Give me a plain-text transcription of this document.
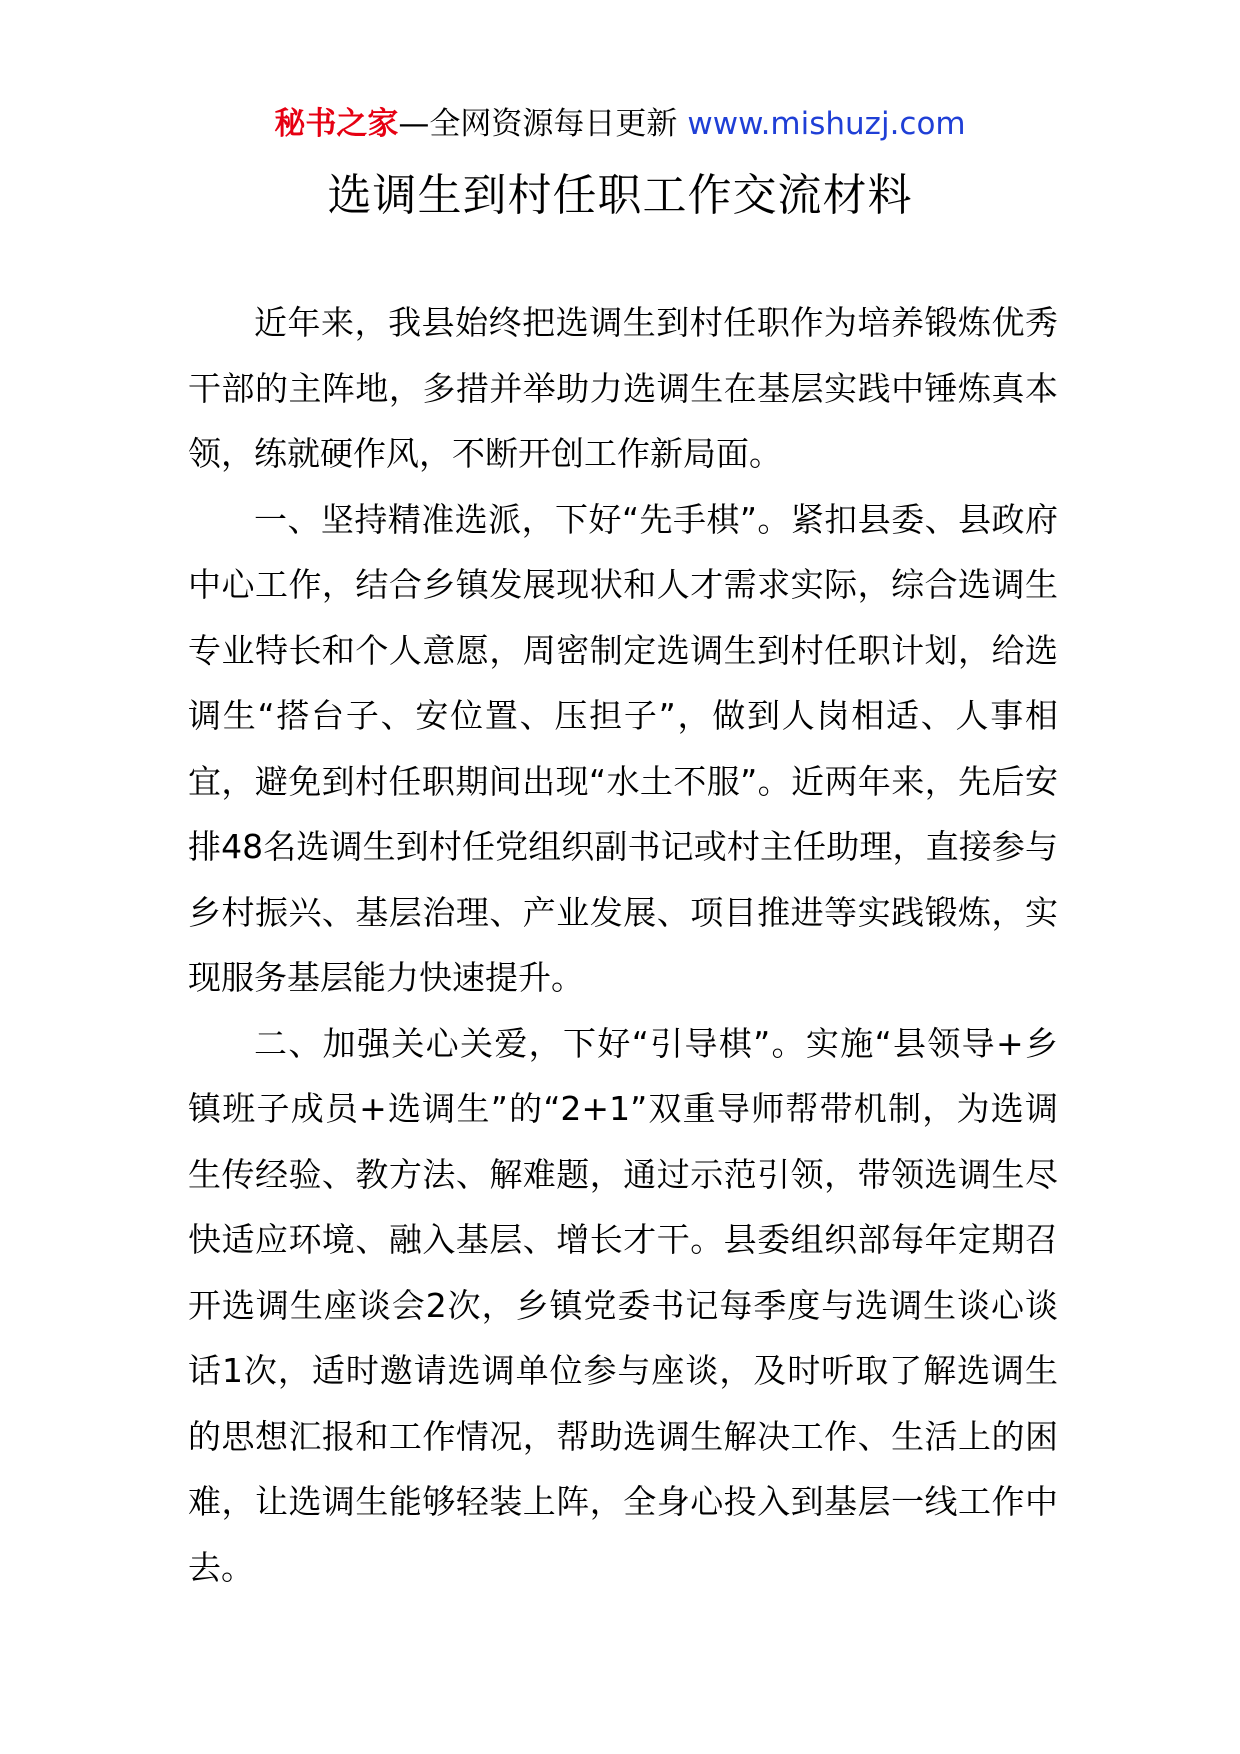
秘书之家—全网资源每日更新 www.mishuzj.com
选调生到村任职工作交流材料

近年来，我县始终把选调生到村任职作为培养锻炼优秀干部的主阵地，多措并举助力选调生在基层实践中锤炼真本领，练就硬作风，不断开创工作新局面。

一、坚持精准选派，下好“先手棋”。紧扣县委、县政府中心工作，结合乡镇发展现状和人才需求实际，综合选调生专业特长和个人意愿，周密制定选调生到村任职计划，给选调生“搭台子、安位置、压担子”，做到人岗相适、人事相宜，避免到村任职期间出现“水土不服”。近两年来，先后安排48名选调生到村任党组织副书记或村主任助理，直接参与乡村振兴、基层治理、产业发展、项目推进等实践锻炼，实现服务基层能力快速提升。

二、加强关心关爱，下好“引导棋”。实施“县领导+乡镇班子成员+选调生”的“2+1”双重导师帮带机制，为选调生传经验、教方法、解难题，通过示范引领，带领选调生尽快适应环境、融入基层、增长才干。县委组织部每年定期召开选调生座谈会2次，乡镇党委书记每季度与选调生谈心谈话1次，适时邀请选调单位参与座谈，及时听取了解选调生的思想汇报和工作情况，帮助选调生解决工作、生活上的困难，让选调生能够轻装上阵，全身心投入到基层一线工作中去。
